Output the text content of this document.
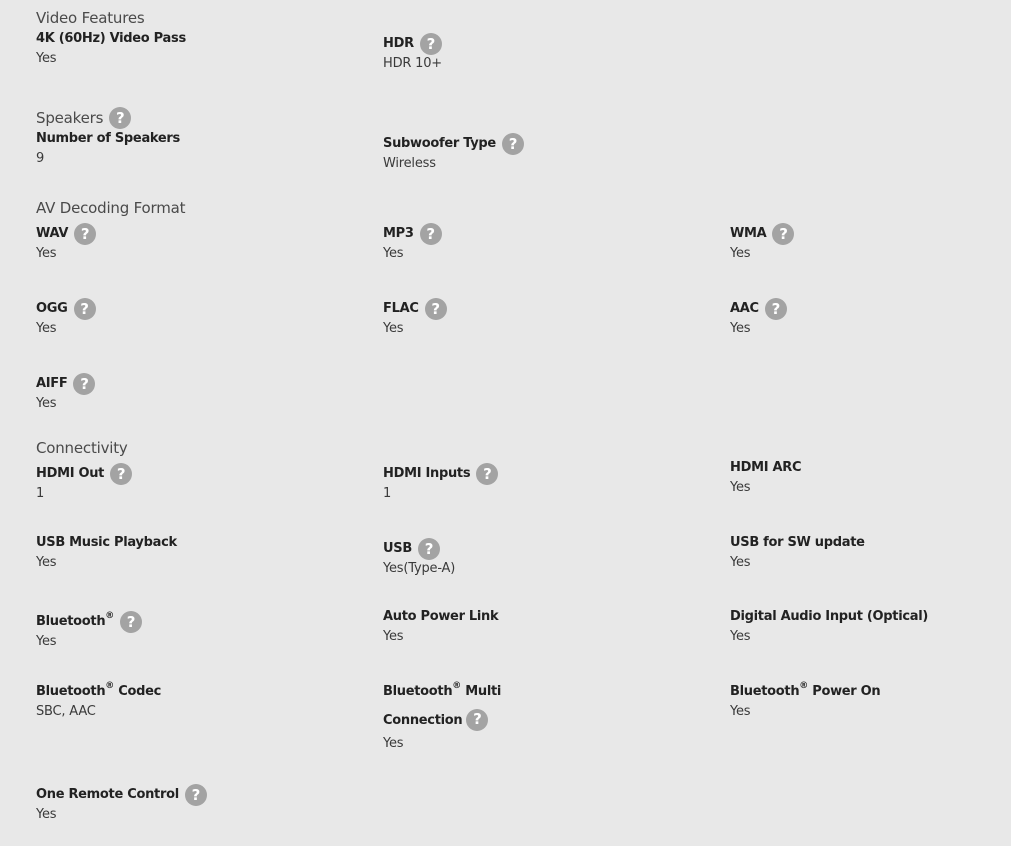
Video Features
4K (60Hz) Video Pass
Yes
HDR ?
HDR 10+
Speakers ?
Number of Speakers
9
Subwoofer Type ?
Wireless
AV Decoding Format
WAV ?
Yes
MP3 ?
Yes
WMA ?
Yes
OGG ?
Yes
FLAC ?
Yes
AAC ?
Yes
AIFF ?
Yes
Connectivity
HDMI Out ?
1
HDMI Inputs ?
1
HDMI ARC
Yes
USB Music Playback
Yes
USB ?
Yes(Type-A)
USB for SW update
Yes
Bluetooth® ?
Yes
Auto Power Link
Yes
Digital Audio Input (Optical)
Yes
Bluetooth® Codec
SBC, AAC
Bluetooth® Multi
Connection ?
Yes
Bluetooth® Power On
Yes
One Remote Control ?
Yes
